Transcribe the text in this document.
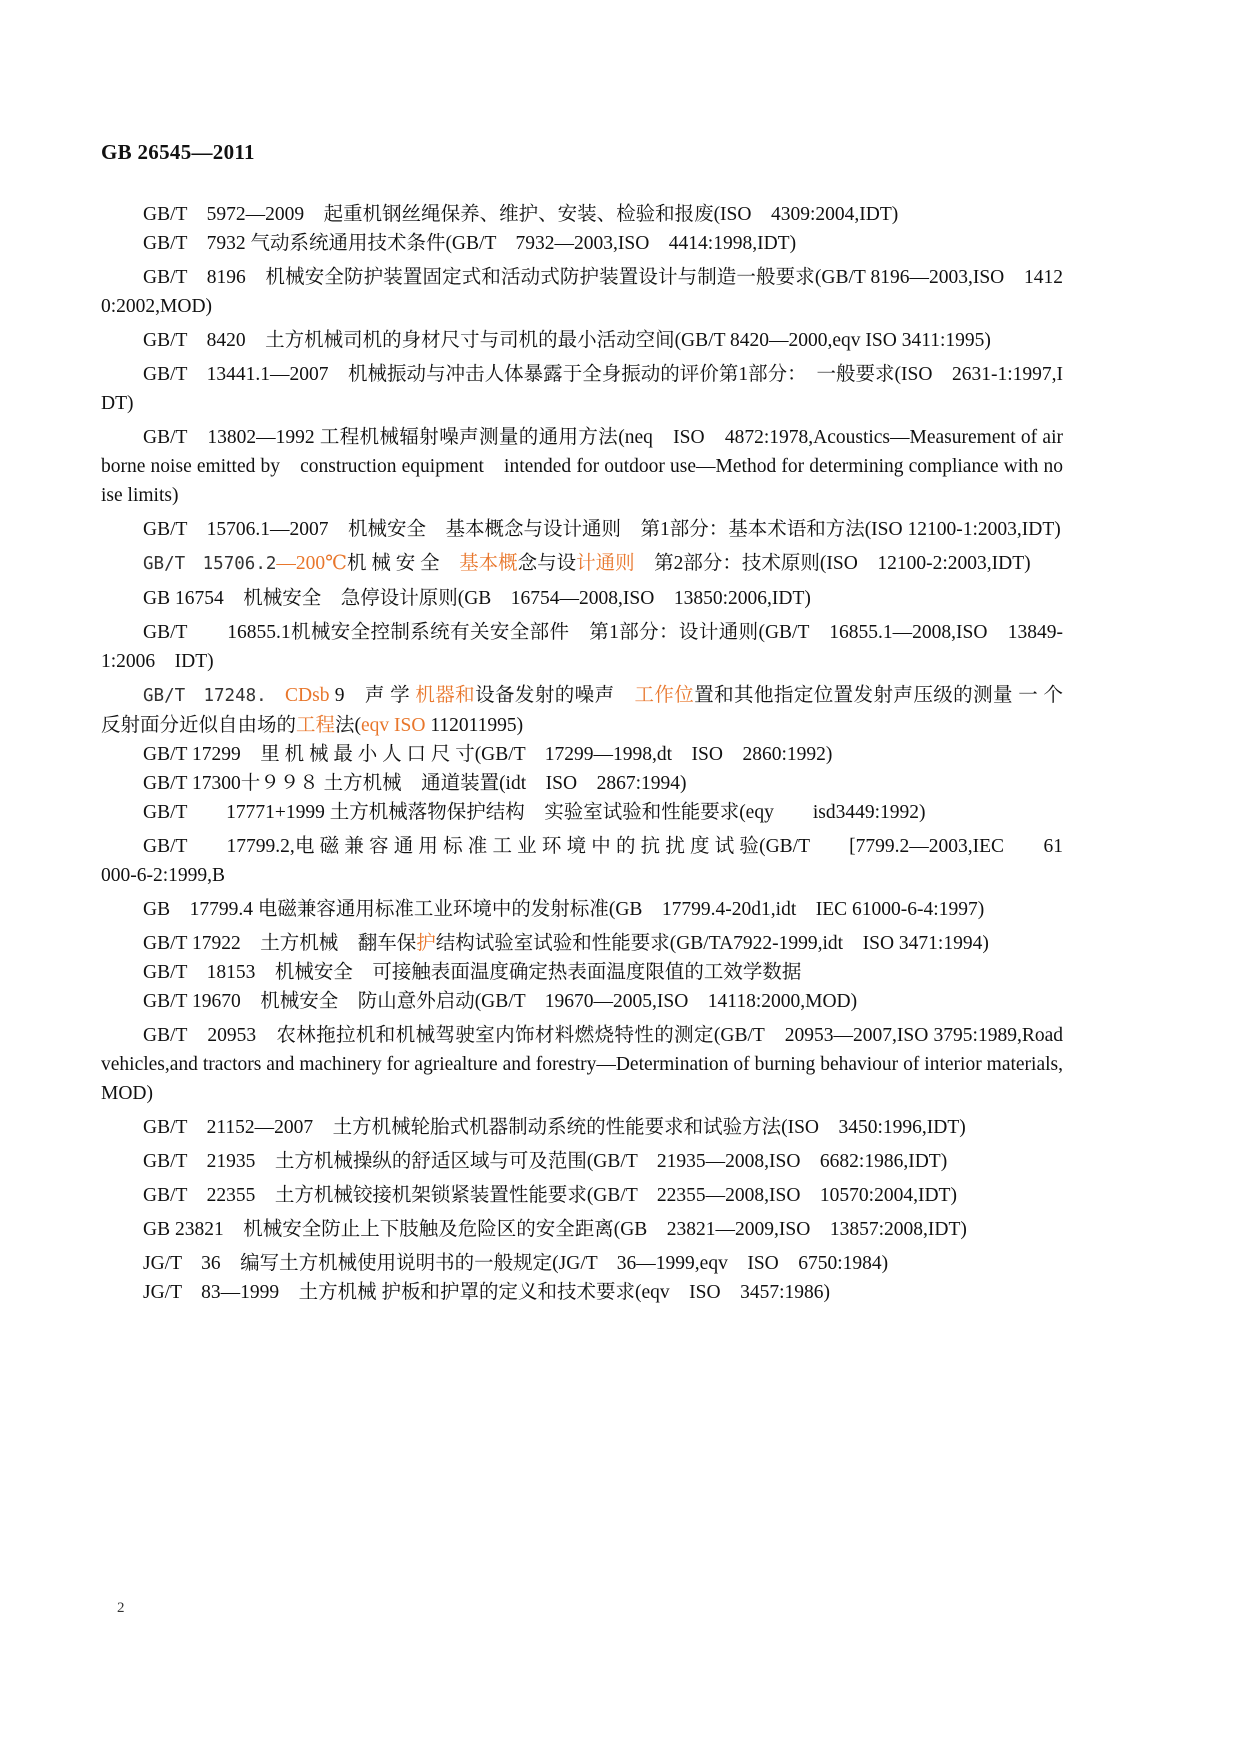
GB 26545—2011

GB/T　5972—2009　起重机钢丝绳保养、维护、安装、检验和报废(ISO　4309:2004,IDT)

GB/T　7932 气动系统通用技术条件(GB/T　7932—2003,ISO　4414:1998,IDT)

GB/T　8196　机械安全防护装置固定式和活动式防护装置设计与制造一般要求(GB/T 8196—2003,ISO　14120:2002,MOD)

GB/T　8420　土方机械司机的身材尺寸与司机的最小活动空间(GB/T 8420—2000,eqv ISO 3411:1995)

GB/T　13441.1—2007　机械振动与冲击人体暴露于全身振动的评价第1部分：　一般要求(ISO　2631-1:1997,IDT)

GB/T　13802—1992 工程机械辐射噪声测量的通用方法(neq　ISO　4872:1978,Acoustics—Measurement of airborne noise emitted by　construction equipment　intended for outdoor use—Method for determining compliance with noise limits)

GB/T　15706.1—2007　机械安全　基本概念与设计通则　第1部分：基本术语和方法(ISO 12100-1:2003,IDT)

GB/T　15706.2—200℃机 械 安 全　基本概念与设计通则　第2部分：技术原则(ISO　12100-2:2003,IDT)

GB 16754　机械安全　急停设计原则(GB　16754—2008,ISO　13850:2006,IDT)

GB/T　　16855.1机械安全控制系统有关安全部件　第1部分：设计通则(GB/T　16855.1—2008,ISO　13849-1:2006　IDT)

GB/T　17248.　CDsb 9　声 学 机器和设备发射的噪声　工作位置和其他指定位置发射声压级的测量 一 个反射面分近似自由场的工程法(eqv ISO 112011995)

GB/T 17299　里 机 械 最 小 人 口 尺 寸(GB/T　17299—1998,dt　ISO　2860:1992)

GB/T 17300十９９８ 土方机械　通道装置(idt　ISO　2867:1994)

GB/T　　17771+1999 土方机械落物保护结构　实验室试验和性能要求(eqy　　isd3449:1992)

GB/T　　17799.2,电 磁 兼 容 通 用 标 准 工 业 环 境 中 的 抗 扰 度 试 验(GB/T　　[7799.2—2003,IEC　　61000-6-2:1999,B

GB　17799.4 电磁兼容通用标准工业环境中的发射标准(GB　17799.4-20d1,idt　IEC 61000-6-4:1997)

GB/T 17922　土方机械　翻车保护结构试验室试验和性能要求(GB/TA7922-1999,idt　ISO 3471:1994)

GB/T　18153　机械安全　可接触表面温度确定热表面温度限值的工效学数据

GB/T 19670　机械安全　防山意外启动(GB/T　19670—2005,ISO　14118:2000,MOD)

GB/T　20953　农林拖拉机和机械驾驶室内饰材料燃烧特性的测定(GB/T　20953—2007,ISO 3795:1989,Road vehicles,and tractors and machinery for agriealture and forestry—Determination of burning behaviour of interior materials,MOD)

GB/T　21152—2007　土方机械轮胎式机器制动系统的性能要求和试验方法(ISO　3450:1996,IDT)

GB/T　21935　土方机械操纵的舒适区域与可及范围(GB/T　21935—2008,ISO　6682:1986,IDT)

GB/T　22355　土方机械铰接机架锁紧装置性能要求(GB/T　22355—2008,ISO　10570:2004,IDT)

GB 23821　机械安全防止上下肢触及危险区的安全距离(GB　23821—2009,ISO　13857:2008,IDT)

JG/T　36　编写土方机械使用说明书的一般规定(JG/T　36—1999,eqv　ISO　6750:1984)

JG/T　83—1999　土方机械 护板和护罩的定义和技术要求(eqv　ISO　3457:1986)

2
